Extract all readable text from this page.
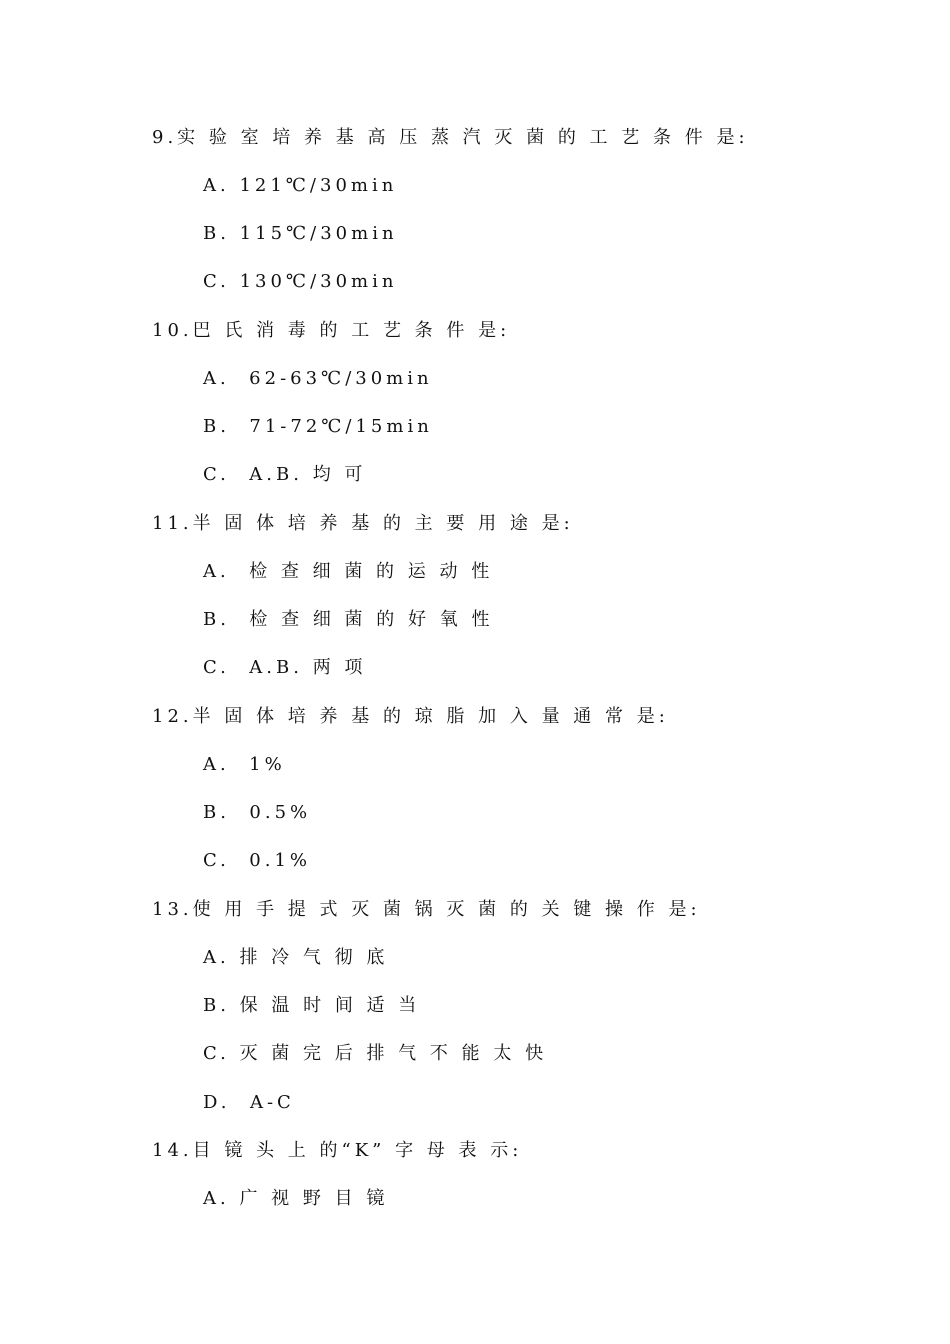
9.实 验 室 培 养 基 高 压 蒸 汽 灭 菌 的 工 艺 条 件 是:
A. 121℃/30min
B. 115℃/30min
C. 130℃/30min
10.巴 氏 消 毒 的 工 艺 条 件 是:
A.  62-63℃/30min
B.  71-72℃/15min
C.  A.B. 均 可
11.半 固 体 培 养 基 的 主 要 用 途 是:
A.  检 查 细 菌 的 运 动 性
B.  检 查 细 菌 的 好 氧 性
C.  A.B. 两 项
12.半 固 体 培 养 基 的 琼 脂 加 入 量 通 常 是:
A.  1%
B.  0.5%
C.  0.1%
13.使 用 手 提 式 灭 菌 锅 灭 菌 的 关 键 操 作 是:
A. 排 冷 气 彻 底
B. 保 温 时 间 适 当
C. 灭 菌 完 后 排 气 不 能 太 快
D.  A-C
14.目 镜 头 上 的“K” 字 母 表 示:
A. 广 视 野 目 镜
